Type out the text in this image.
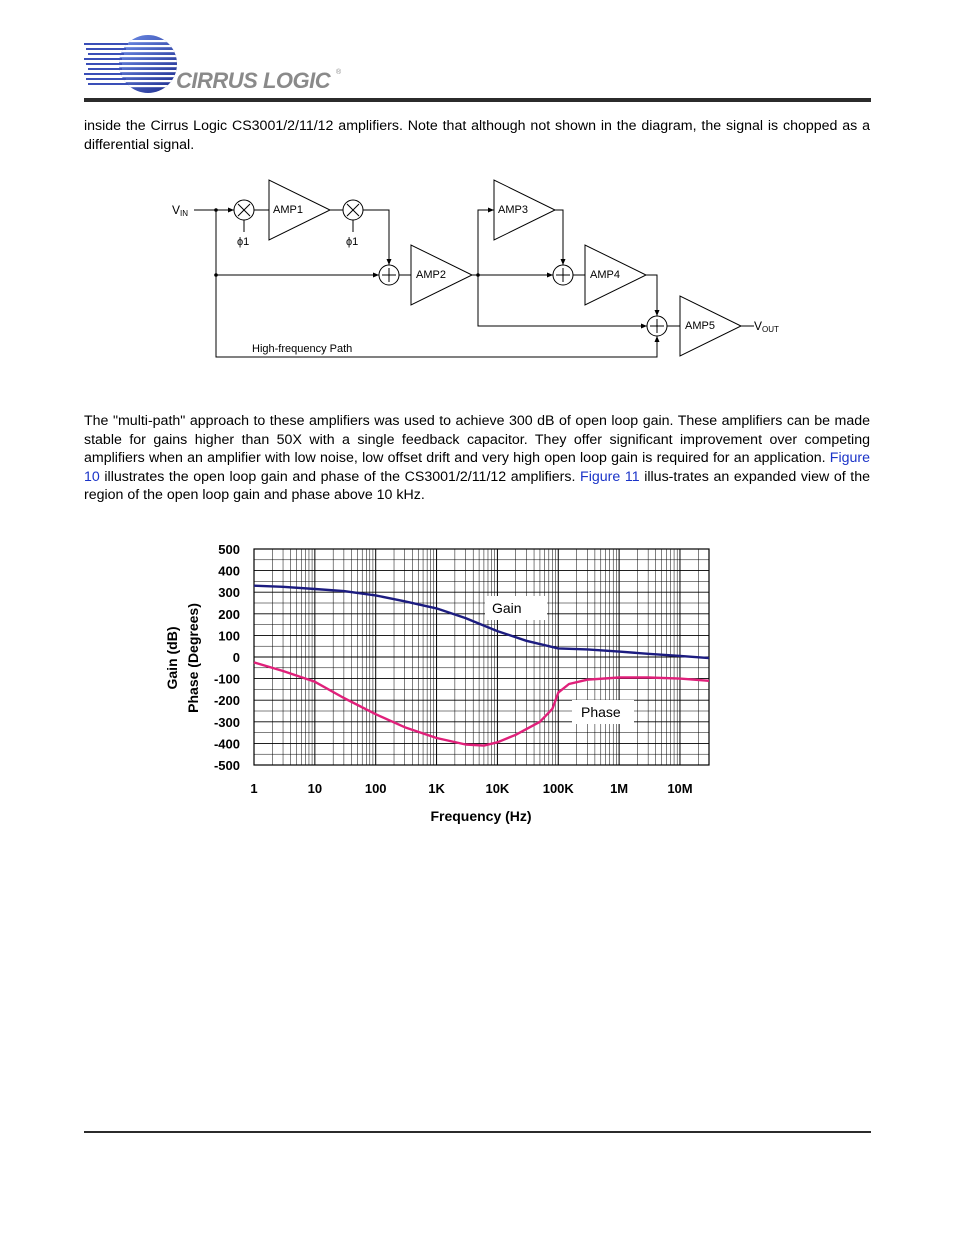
CIRRUS LOGIC ®

inside the Cirrus Logic CS3001/2/11/12 amplifiers. Note that although not shown in the diagram, the signal is chopped as a differential signal.

VIN
VOUT
ϕ1	ϕ1
AMP1
AMP2
AMP3
AMP4
AMP5
High-frequency Path

The "multi-path" approach to these amplifiers was used to achieve 300 dB of open loop gain. These amplifiers can be made stable for gains higher than 50X with a single feedback capacitor. They offer significant improvement over competing amplifiers when an amplifier with low noise, low offset drift and very high open loop gain is required for an application. Figure 10 illustrates the open loop gain and phase of the CS3001/2/11/12 amplifiers. Figure 11 illus-trates an expanded view of the region of the open loop gain and phase above 10 kHz.

500
400
300
200
100
0
-100
-200
-300
-400
-500
1	10	100	1K	10K	100K	1M	10M
Gain
Phase
Gain (dB) Phase (Degrees)
Frequency (Hz)
